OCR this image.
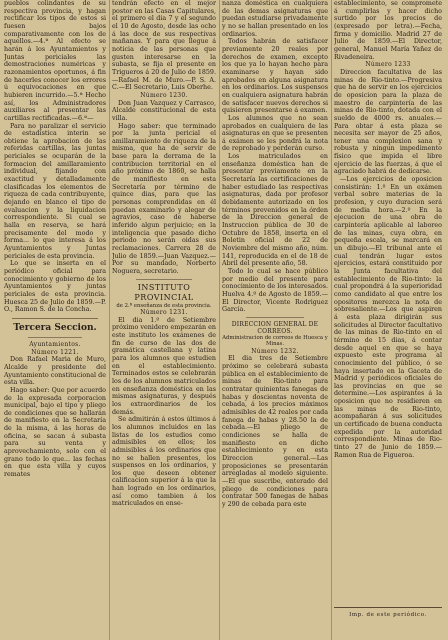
pueblos colindantes de su respectiva provincia, y hagan rectificar los tipos de estos si fuesen bajos comparativamente con los de aquellos.—4.ª Al efecto se harán á los Ayuntamientos y Juntas periciales las demostraciones numéricas y razonamientos oportunos, á fin de hacerles conocer los errores ú equivocaciones en que hubieren incurrido.—5.ª Hecho así, los Administradores auxiliares al presentar las cartillas rectificadas.—6.ª—

Para no paralizar el servicio de estadística interin se obtiene la aprobacion de las referidas cartillas, las juntas periciales se ocuparán de la formacion del amillaramiento individual, fijando con exactitud y detalladamente clasificadas los elementos de riqueza de cada contribuyente, dejando en blanco el tipo de evaluacion y la liquidacion correspondiente. Si cual se halla en reserva, se hará precisamente del modo y forma... lo que interesa á los Ayuntamientos y Juntas periciales de esta provincia.

Lo que se inserta en el periódico oficial para conocimiento y gobierno de los Ayuntamientos y juntas periciales de esta provincia. Huesca 25 de Julio de 1859.—P. O., Ramon S. de la Concha.

Tercera Seccion.

Ayuntamientos.

Número 1221.

Don Rafael Maria de Muro, Alcalde y presidente del Ayuntamiento constitucional de esta villa.

Hago saber: Que por acuerdo de la expresada corporacion municipal, bajo el tipo y pliego de condiciones que se hallarán de manifiesto en la Secretaría de la misma, á las horas de oficina, se sacan á subasta para su venta y aprovechamiento, solo con el grano todo lo que... las fechas en que esta villa y cuyos remates

tendrán efecto en el mejor postor en las Casas Capitulares, el primero el dia 7 y el segundo el 10 de Agosto, desde las ocho á las doce de sus respectivas mañanas. Y para que llegue á noticia de las personas que gusten interesarse en la subasta, se fija el presente en Trigueros á 20 de Julio de 1859.—Rafael M. de Muro.—P. S. A. C.—El Secretario, Luis Oberhe.

Número 1230.

Don Juan Vazquez y Carrasco, Alcalde constitucional de esta villa.

Hago saber: que terminado por la junta pericial el amillaramiento de riqueza de la misma, que ha de servir de base para la derrama de la contribucion territorial en el año próximo de 1860, se halla de manifiesto en esta Secretaría por término de quince dias, para que las personas comprendidas en él puedan examinarlo y alegar de agravios, caso de haberse inferido algun perjuicio; en la inteligencia que pasado dicho periodo no serán oidas sus reclamaciones. Carrera 28 de Julio de 1859.—Juan Vazquez.—Por su mandado, Norberto Noguera, secretario.

INSTITUTO PROVINCIAL

de 2.ª enseñanza de esta provincia.

Número 1231.

El dia 1.º de Setiembre próximo venidero empezarán en este instituto los exámenes de fin de curso de las dos de gramática castellana y latina para los alumnos que estudien en el establecimiento. Terminados estos se celebrarán los de los alumnos matriculados en enseñanza doméstica en las mismas asignaturas, y después los extraordinarios de los demás.

Se admitirán á estos últimos á los alumnos incluidos en las listas de los estudios como admisibles en ellos; los admisibles á los ordinarios que no se hallen presentes, los suspensos en los ordinarios, y los que deseen obtener calificacion superior á la que la han logrado en los ordinarios, así como tambien á los matriculados en ense-

nanza doméstica en cualquiera de las demas asignaturas que puedan estudiarse privadamente y no se hallan presentado en los ordinarios.

Todos habrán de satisfacer previamente 20 reales por derechos de examen, excepto los que ya lo hayan hecho para examinarse y hayan sido aprobados en alguna asignatura en los ordinarios. Los suspensos en cualquiera asignatura habrán de satisfacer nuevos derechos si quisieren presentarse á examen.

Los alumnos que no sean aprobados en cualquiera de las asignaturas en que se presenten á exámen se les pondrá la nota de reprobado y perderán curso.

Los matriculados en enseñanza doméstica han de presentar previamente en la Secretaría las certificaciones de haber estudiado las respectivas asignaturas, dada por profesor debidamente autorizado en los términos prevenidos en la órden de la Direccion general de Instruccion pública de 30 de Octubre de 1858, inserta en el Boletin oficial de 22 de Noviembre del mismo año, núm. 141, reproducida en el de 18 de Abril del presente año, 58.

Todo lo cual se hace público por medio del presente para conocimiento de los interesados. Huelva 4.º de Agosto de 1859.—El Director, Vicente Rodriguez García.

DIRECCION GENERAL DE CORREOS.

Administracion de correos de Huesca y Minas.

Número 1232.

El dia tres de Setiembre próximo se celebrará subasta pública en el establecimiento de minas de Rio-tinto para contratar quinientas fanegas de habas y doscientas noventa de cebada, á los precios máximos admisibles de 42 reales por cada fanega de habas y 28.50 la de cebada.—El pliego de condiciones se halla de manifiesto en dicho establecimiento y en esta Direccion general.—Las proposiciones se presentarán arregladas al modelo siguiente.—El que suscribe, enterado del pliego de condiciones para contratar 500 fanegas de habas y 290 de cebada para este

establecimiento, se compromete á cumplirlas y hacer dicho surtido por los precios de (expresado por letra).—Fecha, firma y domicilio. Madrid 27 de Julio de 1859.—El Director, general, Manuel María Yañez de Rivadeneira.

Número 1233

Direccion facultativa de las minas de Rio-tinto.—Progresiva que ha de servir en los ejercicios de oposicion para la plaza de maestro de carpintería de las minas de Rio-tinto, dotada con el sueldo de 4000 rs. anuales.—Para obtar á esta plaza se necesita ser mayor de 25 años, tener una complexion sana y robusta y ningun impedimento físico que impida el libre ejercicio de las fuerzas, á que el agraciado habrá de dedicarse.

—Los ejercicios de oposicion consistirán: 1.º En un exámen verbal sobre materias de la profesion, y cuyo duracion será de media hora.—2.º En la ejecucion de una obra de carpintería aplicable al laboreo de las minas, cuya obra, en pequeña escala, se marcará en un dibujo.—El tribunal ante el cual tendrán lugar estos ejercicios, estará constituido por la Junta facultativa del establecimiento de Rio-tinto: la cual propondrá á la superioridad como candidato al que entre los opositores merezca la nota de sobresaliente.—Los que aspiren á esta plaza dirigirán sus solicitudes al Director facultativo de las minas de Rio-tinto en el término de 15 dias, á contar desde aquel en que se haya expuesto este programa al conocimiento del público, ó se haya insertado en la Gaceta de Madrid y periódicos oficiales de las provincias en que se determine.—Los aspirantes á la oposicion que no residieren en las minas de Rio-tinto, acompañarán á sus solicitudes un certificado de buena conducta expedida por la autoridad correspondiente. Minas de Rio-tinto 27 de Junio de 1859.—Ramon Rua de Figueroa.

Imp. de este periódico.
